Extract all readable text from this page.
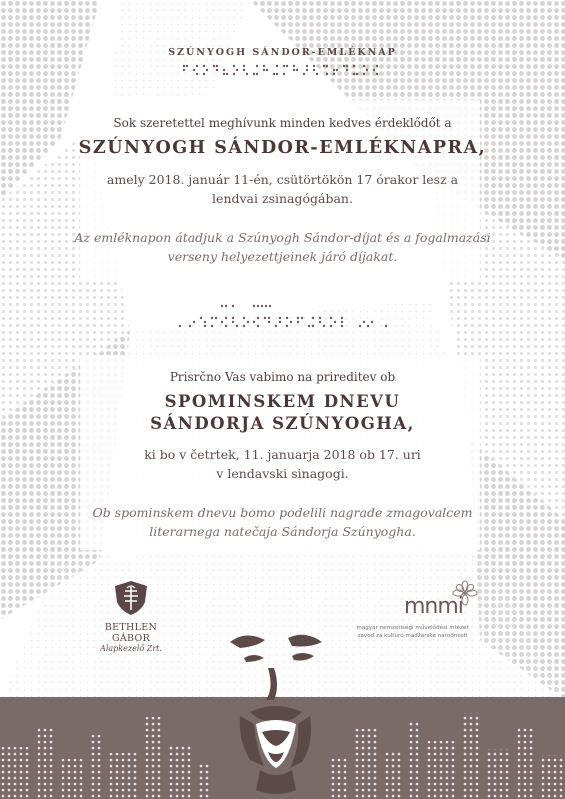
SZÚNYOGH SÁNDOR-EMLÉKNAP
Sok szeretettel meghívunk minden kedves érdeklődőt a
SZÚNYOGH SÁNDOR-EMLÉKNAPRA,
amely 2018. január 11-én, csütörtökön 17 órakor lesz a
lendvai zsinagógában.
Az emléknapon átadjuk a Szúnyogh Sándor-díjat és a fogalmazási
verseny helyezettjeinek járó díjakat.
Prisrčno Vas vabimo na prireditev ob
SPOMINSKEM DNEVU
SÁNDORJA SZÚNYOGHA,
ki bo v četrtek, 11. januarja 2018 ob 17. uri
v lendavski sinagogi.
Ob spominskem dnevu bomo podelili nagrade zmagovalcem
literarnega natečaja Sándorja Szúnyogha.
BETHLEN GÁBOR
Alapkezelő Zrt.
mnmi
magyar nemzetiségi művelődési intézet
zavod za kulturo madžarske narodnosti
